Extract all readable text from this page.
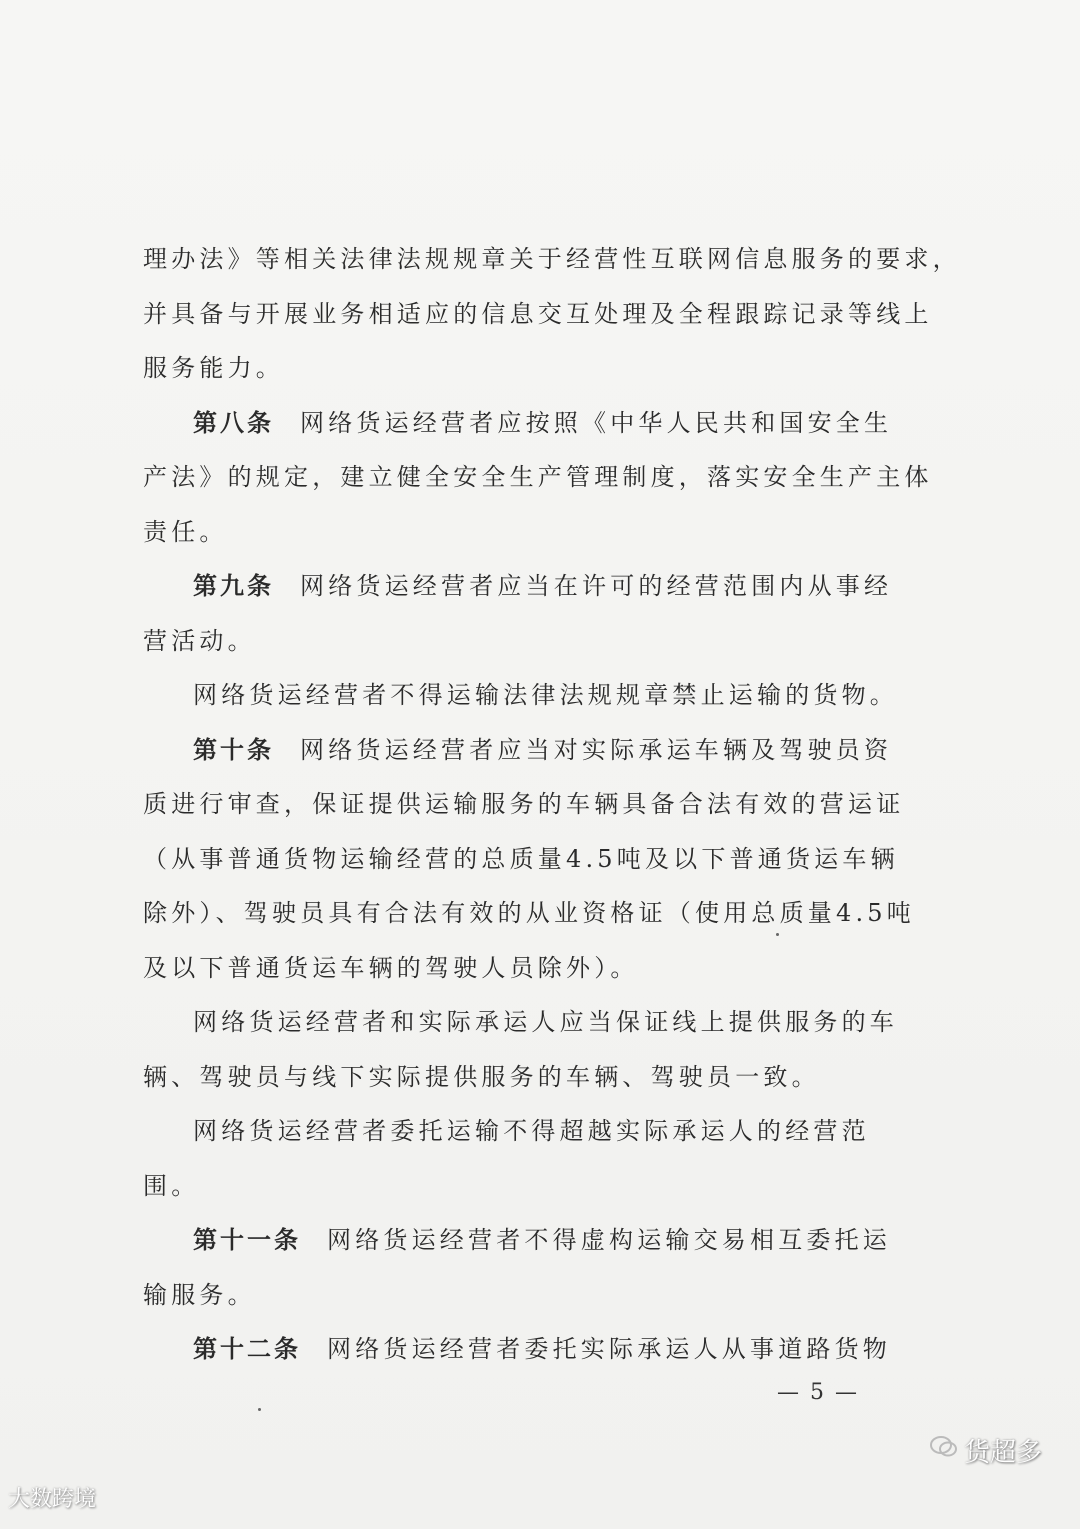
理办法》等相关法律法规规章关于经营性互联网信息服务的要求，
并具备与开展业务相适应的信息交互处理及全程跟踪记录等线上
服务能力。
第八条 网络货运经营者应按照《中华人民共和国安全生
产法》的规定，建立健全安全生产管理制度，落实安全生产主体
责任。
第九条 网络货运经营者应当在许可的经营范围内从事经
营活动。
网络货运经营者不得运输法律法规规章禁止运输的货物。
第十条 网络货运经营者应当对实际承运车辆及驾驶员资
质进行审查，保证提供运输服务的车辆具备合法有效的营运证
（从事普通货物运输经营的总质量4.5吨及以下普通货运车辆
除外）、驾驶员具有合法有效的从业资格证（使用总质量4.5吨
及以下普通货运车辆的驾驶人员除外）。
网络货运经营者和实际承运人应当保证线上提供服务的车
辆、驾驶员与线下实际提供服务的车辆、驾驶员一致。
网络货运经营者委托运输不得超越实际承运人的经营范
围。
第十一条 网络货运经营者不得虚构运输交易相互委托运
输服务。
第十二条 网络货运经营者委托实际承运人从事道路货物
— 5 —
大数跨境
货超多
